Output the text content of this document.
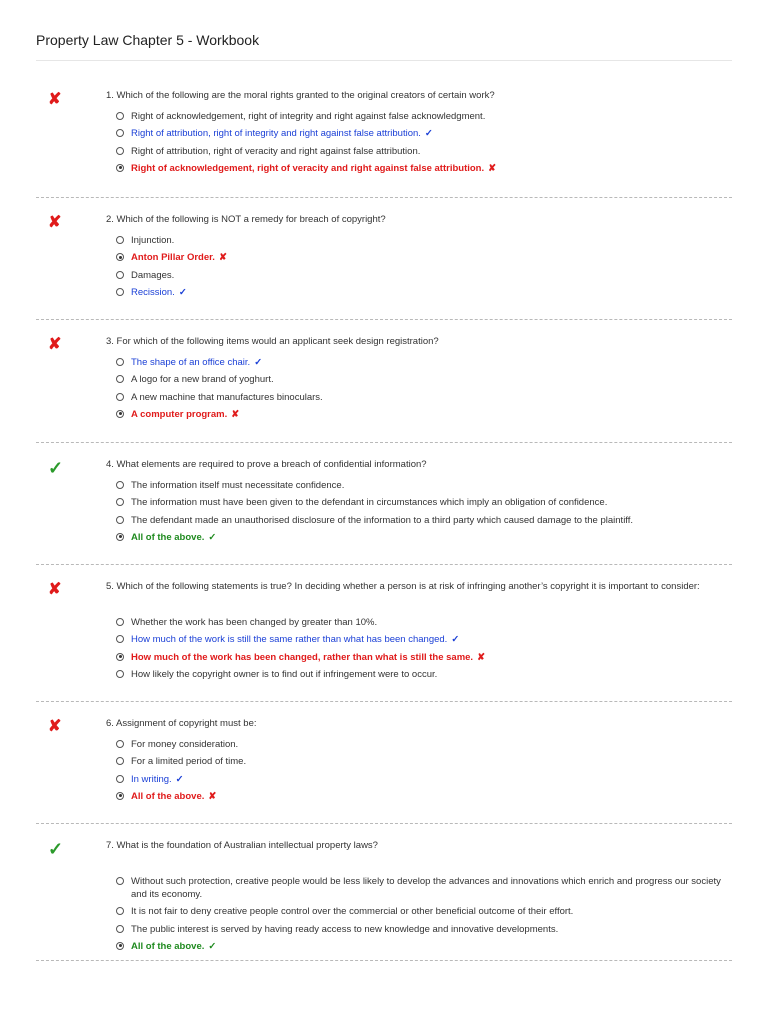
Property Law Chapter 5 - Workbook
✘	1. Which of the following are the moral rights granted to the original creators of certain work?
Right of acknowledgement, right of integrity and right against false acknowledgment.
Right of attribution, right of integrity and right against false attribution. ✓
Right of attribution, right of veracity and right against false attribution.
Right of acknowledgement, right of veracity and right against false attribution. ✘
✘	2. Which of the following is NOT a remedy for breach of copyright?
Injunction.
Anton Pillar Order. ✘
Damages.
Recission. ✓
✘	3. For which of the following items would an applicant seek design registration?
The shape of an office chair. ✓
A logo for a new brand of yoghurt.
A new machine that manufactures binoculars.
A computer program. ✘
✓	4. What elements are required to prove a breach of confidential information?
The information itself must necessitate confidence.
The information must have been given to the defendant in circumstances which imply an obligation of confidence.
The defendant made an unauthorised disclosure of the information to a third party which caused damage to the plaintiff.
All of the above. ✓
✘	5. Which of the following statements is true? In deciding whether a person is at risk of infringing another’s copyright it is important to consider:
Whether the work has been changed by greater than 10%.
How much of the work is still the same rather than what has been changed. ✓
How much of the work has been changed, rather than what is still the same. ✘
How likely the copyright owner is to find out if infringement were to occur.
✘	6. Assignment of copyright must be:
For money consideration.
For a limited period of time.
In writing. ✓
All of the above. ✘
✓	7. What is the foundation of Australian intellectual property laws?
Without such protection, creative people would be less likely to develop the advances and innovations which enrich and progress our society and its economy.
It is not fair to deny creative people control over the commercial or other beneficial outcome of their effort.
The public interest is served by having ready access to new knowledge and innovative developments.
All of the above. ✓
